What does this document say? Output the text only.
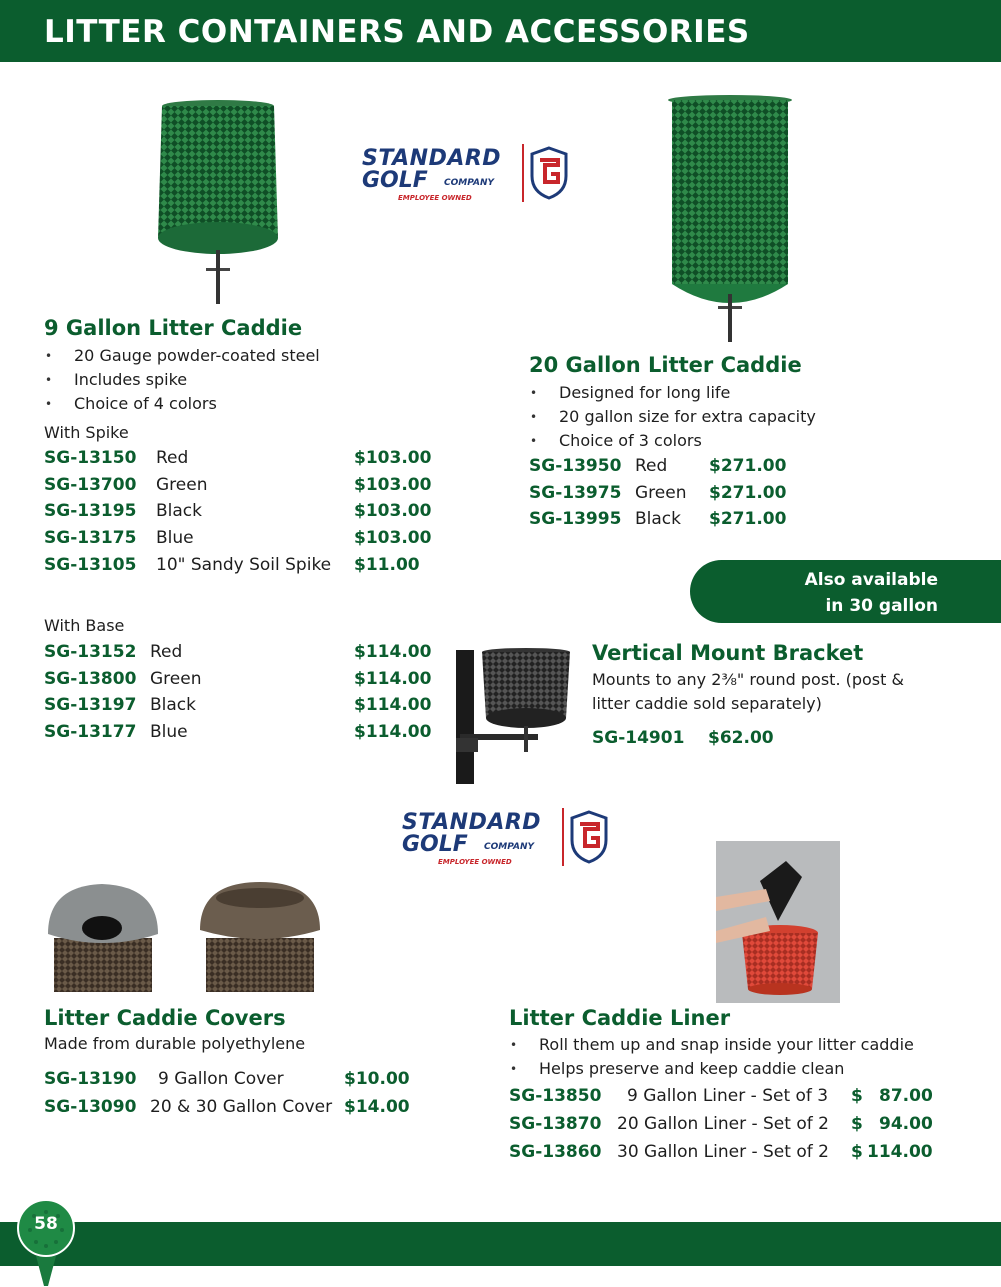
LITTER CONTAINERS AND ACCESSORIES
STANDARD
GOLF COMPANY
EMPLOYEE OWNED
9 Gallon Litter Caddie
• 20 Gauge powder-coated steel
• Includes spike
• Choice of 4 colors
With Spike
SG-13150 Red	$103.00
SG-13700 Green	$103.00
SG-13195 Black	$103.00
SG-13175 Blue	$103.00
SG-13105 10" Sandy Soil Spike $11.00
With Base
SG-13152 Red	$114.00
SG-13800 Green	$114.00
SG-13197 Black	$114.00
SG-13177 Blue	$114.00
20 Gallon Litter Caddie
• Designed for long life
• 20 gallon size for extra capacity
• Choice of 3 colors
SG-13950 Red $271.00
SG-13975 Green $271.00
SG-13995 Black $271.00
Also available
in 30 gallon
Vertical Mount Bracket
Mounts to any 2⅜" round post. (post &
litter caddie sold separately)
SG-14901 $62.00
STANDARD
GOLF COMPANY
EMPLOYEE OWNED
Litter Caddie Covers
Made from durable polyethylene
SG-13190 9 Gallon Cover	$10.00
SG-13090 20 & 30 Gallon Cover $14.00
Litter Caddie Liner
• Roll them up and snap inside your litter caddie
• Helps preserve and keep caddie clean
SG-13850 9 Gallon Liner - Set of 3 $ 87.00
SG-13870 20 Gallon Liner - Set of 2 $ 94.00
SG-13860 30 Gallon Liner - Set of 2 $ 114.00
58
